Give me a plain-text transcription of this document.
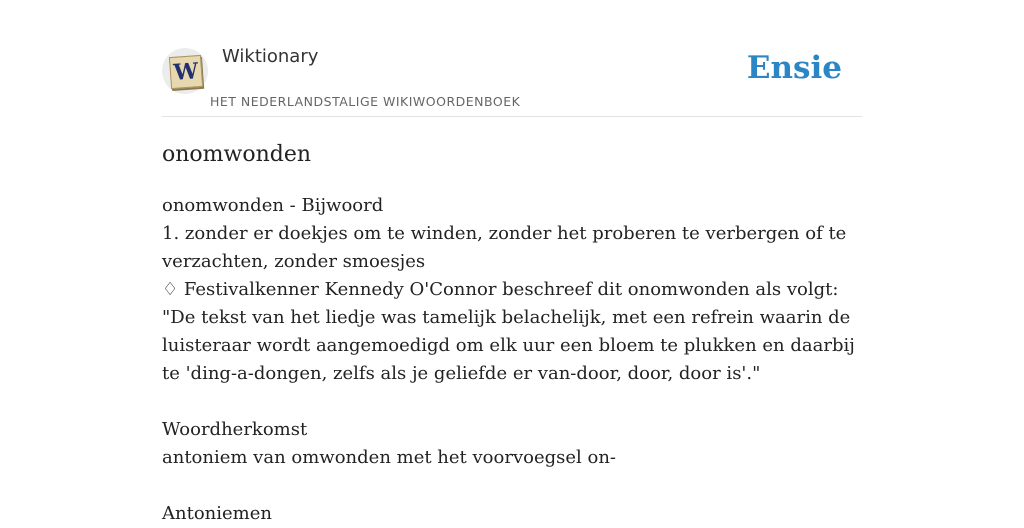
W
Wiktionary
HET NEDERLANDSTALIGE WIKIWOORDENBOEK
Ensie
onomwonden
onomwonden - Bijwoord
1. zonder er doekjes om te winden, zonder het proberen te verbergen of te verzachten, zonder smoesjes
♢ Festivalkenner Kennedy O'Connor beschreef dit onomwonden als volgt: "De tekst van het liedje was tamelijk belachelijk, met een refrein waarin de luisteraar wordt aangemoedigd om elk uur een bloem te plukken en daarbij te 'ding-a-dongen, zelfs als je geliefde er van-door, door, door is'."
Woordherkomst
antoniem van omwonden met het voorvoegsel on-
Antoniemen
